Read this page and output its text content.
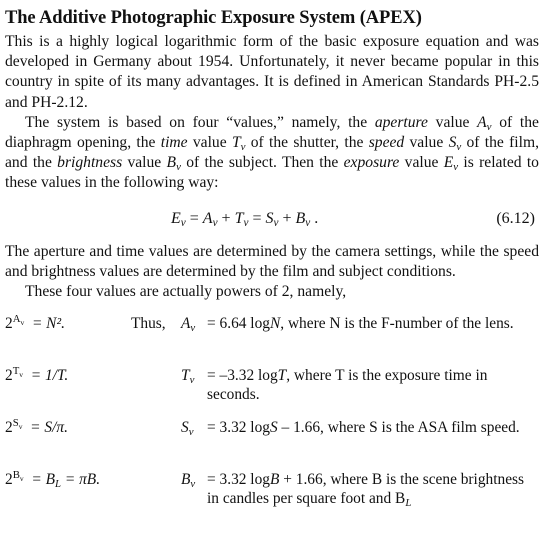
The Additive Photographic Exposure System (APEX)

This is a highly logical logarithmic form of the basic exposure equation and was developed in Germany about 1954. Unfortunately, it never became popular in this country in spite of its many advantages. It is defined in American Standards PH-2.5 and PH-2.12.

The system is based on four “values,” namely, the aperture value $A_v$ of the diaphragm opening, the time value $T_v$ of the shutter, the speed value $S_v$ of the film, and the brightness value $B_v$ of the subject. Then the exposure value $E_v$ is related to these values in the following way:

$E_v = A_v + T_v = S_v + B_v$ .	(6.12)

The aperture and time values are determined by the camera settings, while the speed and brightness values are determined by the film and subject conditions.

These four values are actually powers of 2, namely,

$2^{A_v} = N^2$.	Thus, $A_v = 6.64$ logN, where N is the F-number of the lens.
$2^{T_v} = 1/T$.	$T_v = -3.32$ logT, where T is the exposure time in seconds.
$2^{S_v} = S/\pi$.	$S_v = 3.32$ logS – 1.66, where S is the ASA film speed.
$2^{B_v} = B_L = \pi B$.	$B_v = 3.32$ logB + 1.66, where B is the scene brightness in candles per square foot and $B_L$
